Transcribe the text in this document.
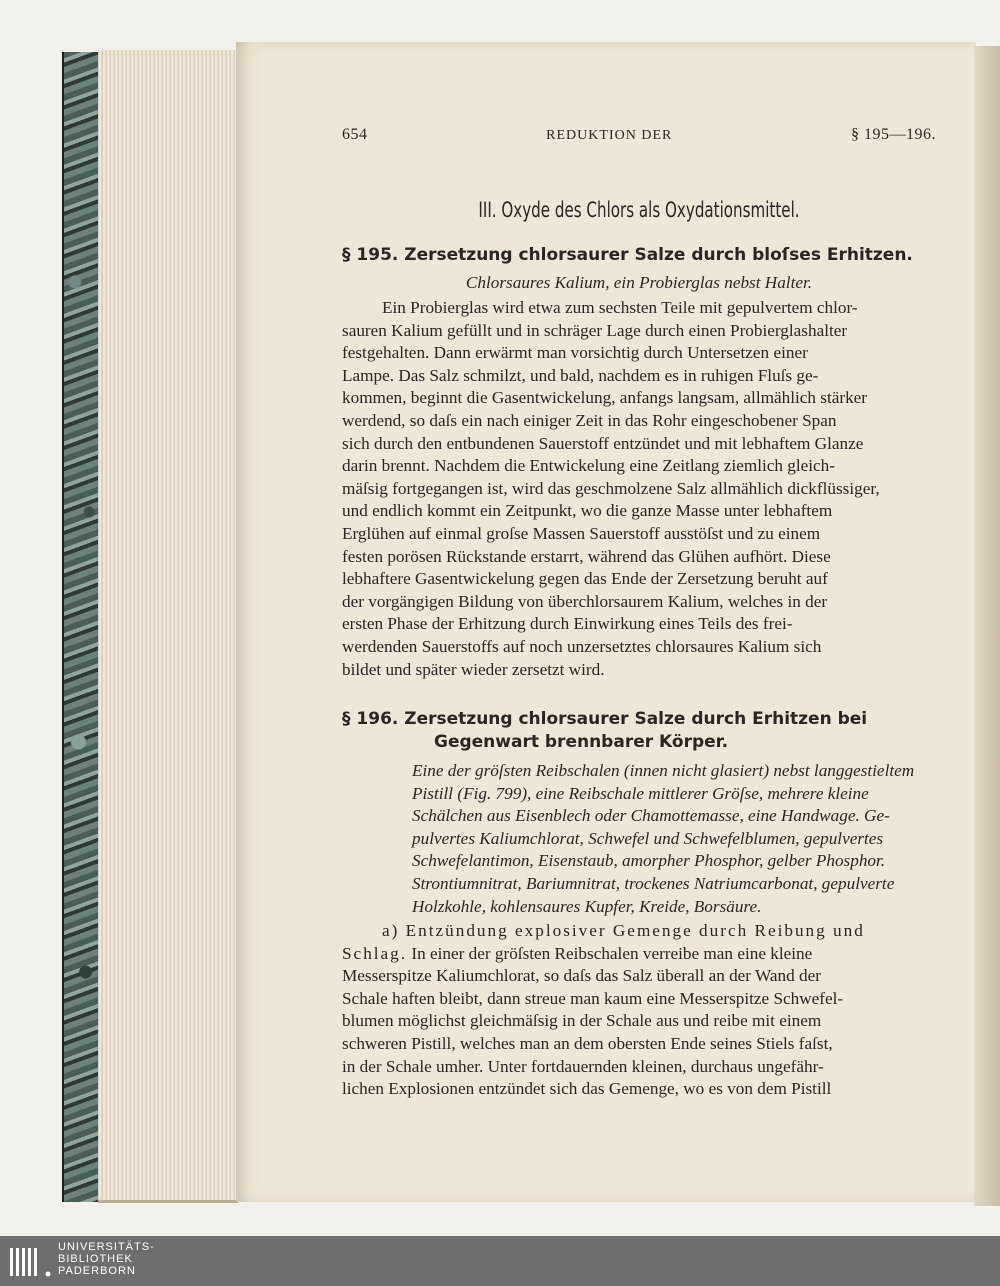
654	REDUKTION DER	§ 195—196.
III. Oxyde des Chlors als Oxydationsmittel.
§ 195. Zersetzung chlorsaurer Salze durch bloſses Erhitzen.
Chlorsaures Kalium, ein Probierglas nebst Halter.

Ein Probierglas wird etwa zum sechsten Teile mit gepulvertem chlor-

sauren Kalium gefüllt und in schräger Lage durch einen Probierglashalter

festgehalten. Dann erwärmt man vorsichtig durch Untersetzen einer

Lampe. Das Salz schmilzt, und bald, nachdem es in ruhigen Fluſs ge-

kommen, beginnt die Gasentwickelung, anfangs langsam, allmählich stärker

werdend, so daſs ein nach einiger Zeit in das Rohr eingeschobener Span

sich durch den entbundenen Sauerstoff entzündet und mit lebhaftem Glanze

darin brennt. Nachdem die Entwickelung eine Zeitlang ziemlich gleich-

mäſsig fortgegangen ist, wird das geschmolzene Salz allmählich dickflüssiger,

und endlich kommt ein Zeitpunkt, wo die ganze Masse unter lebhaftem

Erglühen auf einmal groſse Massen Sauerstoff ausstöſst und zu einem

festen porösen Rückstande erstarrt, während das Glühen aufhört. Diese

lebhaftere Gasentwickelung gegen das Ende der Zersetzung beruht auf

der vorgängigen Bildung von überchlorsaurem Kalium, welches in der

ersten Phase der Erhitzung durch Einwirkung eines Teils des frei-

werdenden Sauerstoffs auf noch unzersetztes chlorsaures Kalium sich

bildet und später wieder zersetzt wird.

§ 196. Zersetzung chlorsaurer Salze durch Erhitzen bei
Gegenwart brennbarer Körper.

Eine der gröſsten Reibschalen (innen nicht glasiert) nebst langgestieltem

Pistill (Fig. 799), eine Reibschale mittlerer Gröſse, mehrere kleine

Schälchen aus Eisenblech oder Chamottemasse, eine Handwage. Ge-

pulvertes Kaliumchlorat, Schwefel und Schwefelblumen, gepulvertes

Schwefelantimon, Eisenstaub, amorpher Phosphor, gelber Phosphor.

Strontiumnitrat, Bariumnitrat, trockenes Natriumcarbonat, gepulverte

Holzkohle, kohlensaures Kupfer, Kreide, Borsäure.

a) Entzündung explosiver Gemenge durch Reibung und

Schlag. In einer der gröſsten Reibschalen verreibe man eine kleine

Messerspitze Kaliumchlorat, so daſs das Salz überall an der Wand der

Schale haften bleibt, dann streue man kaum eine Messerspitze Schwefel-

blumen möglichst gleichmäſsig in der Schale aus und reibe mit einem

schweren Pistill, welches man an dem obersten Ende seines Stiels faſst,

in der Schale umher. Unter fortdauernden kleinen, durchaus ungefähr-

lichen Explosionen entzündet sich das Gemenge, wo es von dem Pistill

UNIVERSITÄTS-
BIBLIOTHEK
PADERBORN
